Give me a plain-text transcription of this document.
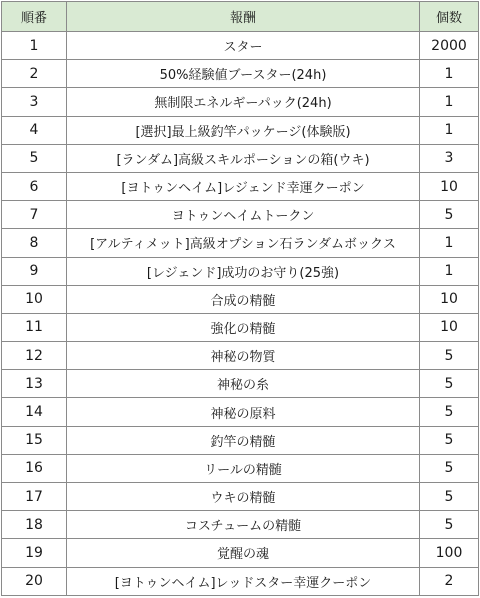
順番	報酬	個数
1	スター	2000
2	50%経験値ブースター(24h)	1
3	無制限エネルギーパック(24h)	1
4	[選択]最上級釣竿パッケージ(体験版)	1
5	[ランダム]高級スキルポーションの箱(ウキ)	3
6	[ヨトゥンヘイム]レジェンド幸運クーポン	10
7	ヨトゥンヘイムトークン	5
8	[アルティメット]高級オプション石ランダムボックス	1
9	[レジェンド]成功のお守り(25強)	1
10	合成の精髄	10
11	強化の精髄	10
12	神秘の物質	5
13	神秘の糸	5
14	神秘の原料	5
15	釣竿の精髄	5
16	リールの精髄	5
17	ウキの精髄	5
18	コスチュームの精髄	5
19	覚醒の魂	100
20	[ヨトゥンヘイム]レッドスター幸運クーポン	2
